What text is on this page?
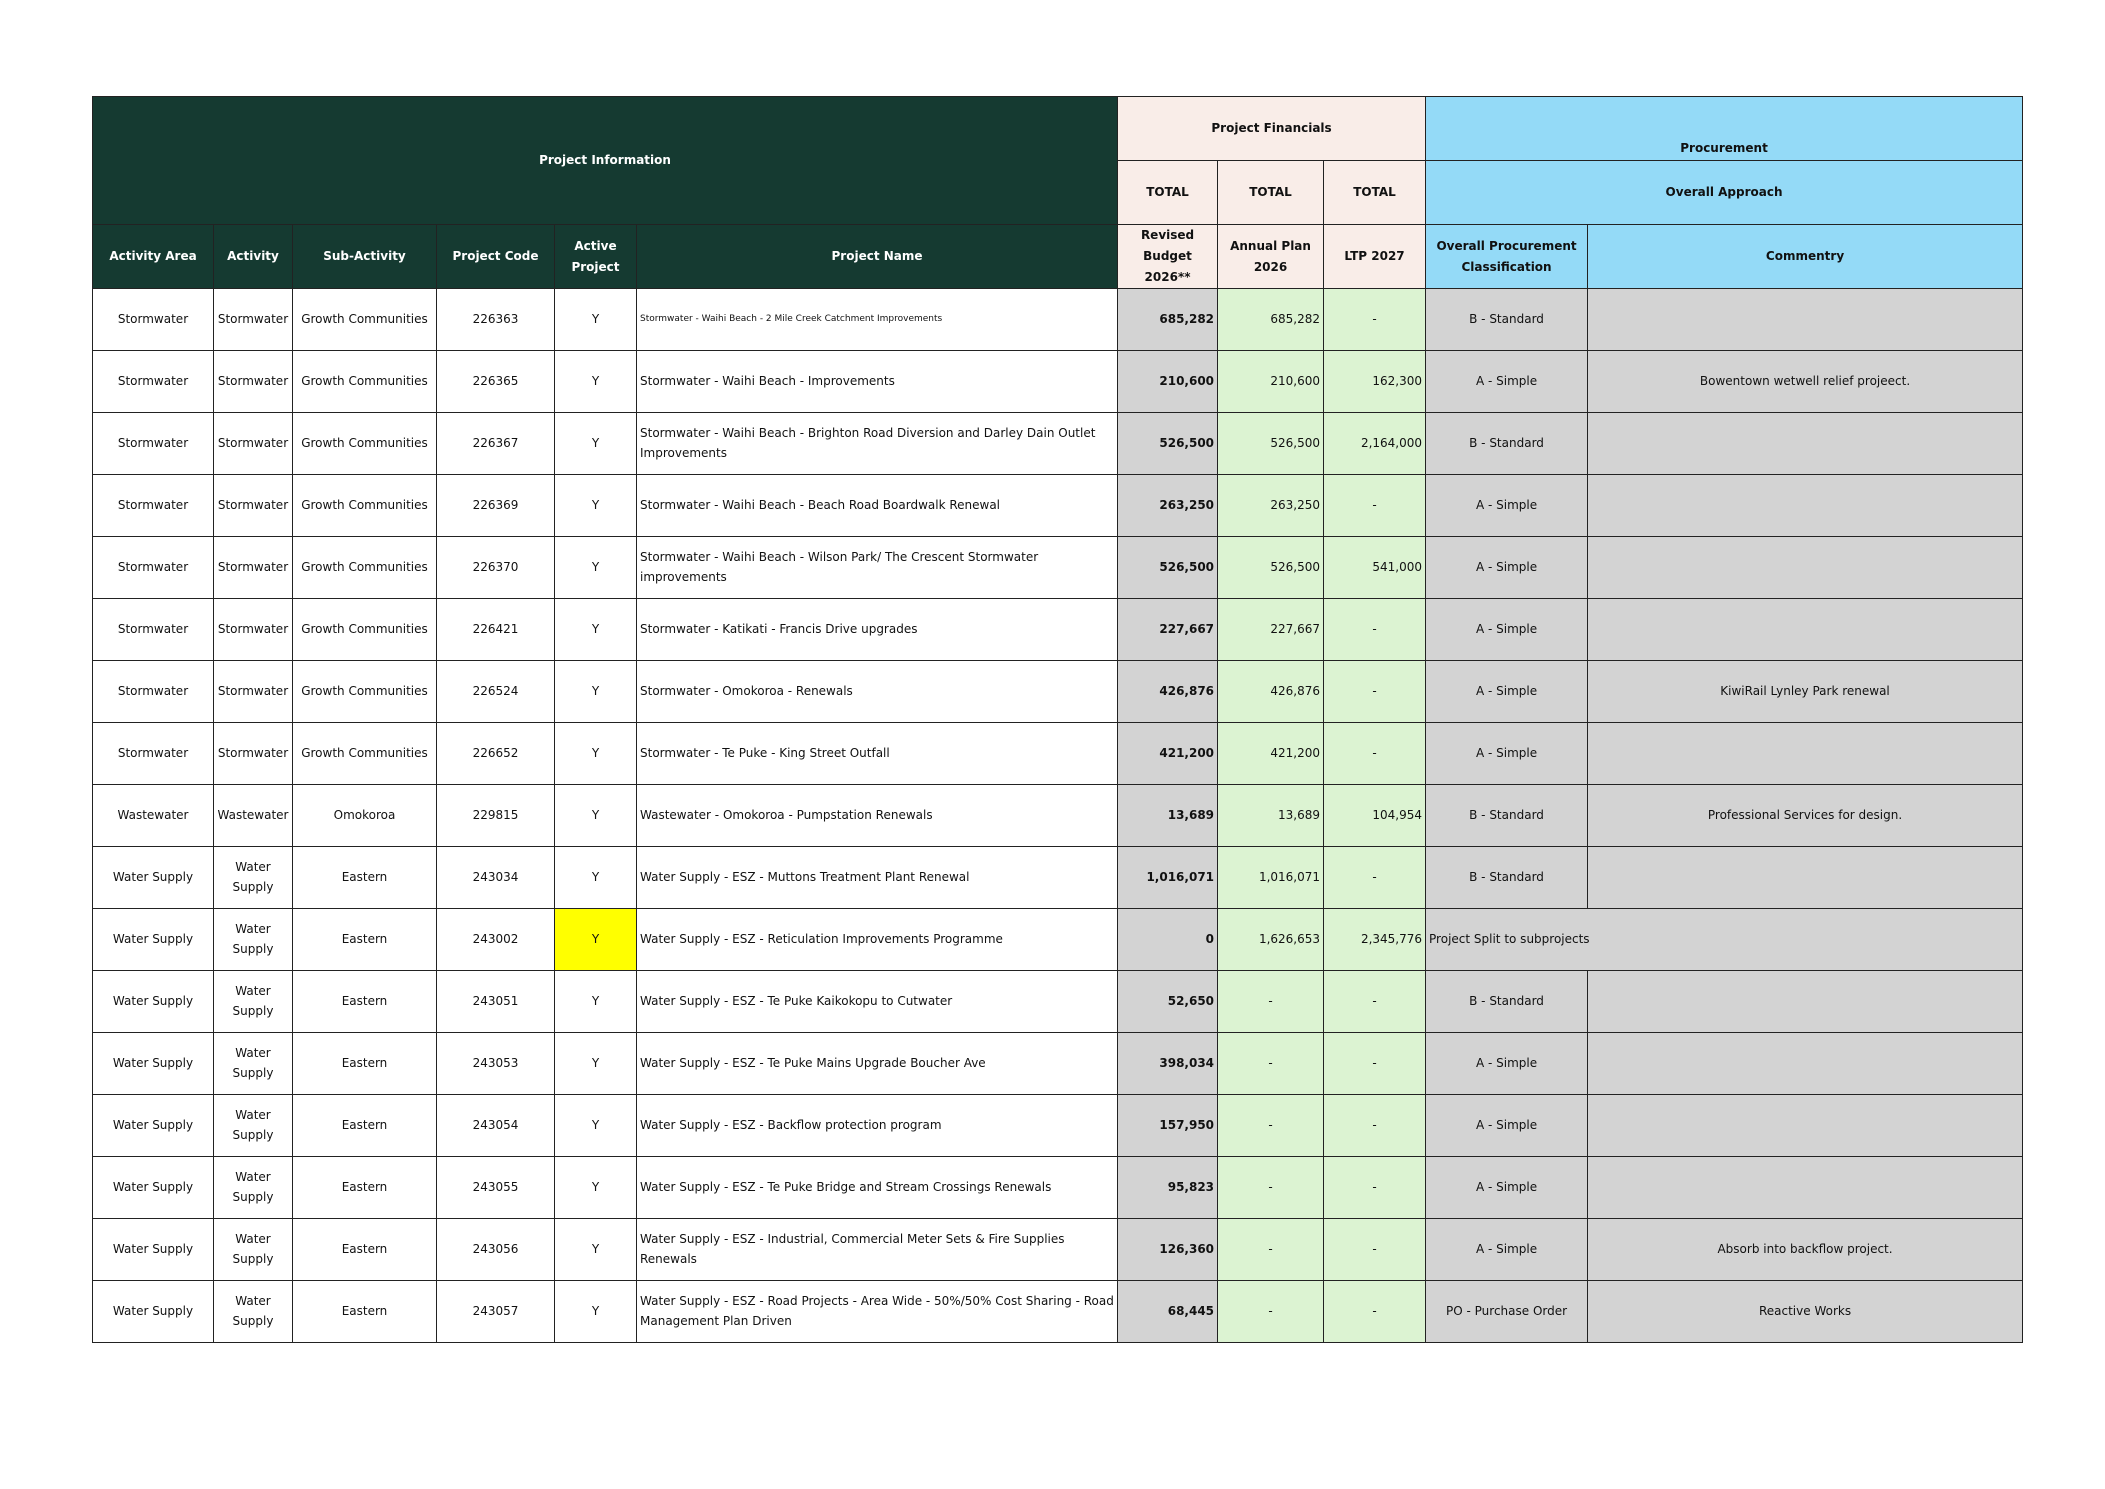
Project Information						Project Financials			Procurement	
						TOTAL	TOTAL	TOTAL	Overall Approach	
Activity Area	Activity	Sub-Activity	Project Code	Active Project	Project Name	Revised Budget 2026**	Annual Plan 2026	LTP 2027	Overall Procurement Classification	Commentry
Stormwater	Stormwater	Growth Communities	226363	Y	Stormwater - Waihi Beach - 2 Mile Creek Catchment Improvements	685,282	685,282	-	B - Standard	
Stormwater	Stormwater	Growth Communities	226365	Y	Stormwater - Waihi Beach - Improvements	210,600	210,600	162,300	A - Simple	Bowentown wetwell relief projeect.
Stormwater	Stormwater	Growth Communities	226367	Y	Stormwater - Waihi Beach - Brighton Road Diversion and Darley Dain Outlet Improvements	526,500	526,500	2,164,000	B - Standard	
Stormwater	Stormwater	Growth Communities	226369	Y	Stormwater - Waihi Beach - Beach Road Boardwalk Renewal	263,250	263,250	-	A - Simple	
Stormwater	Stormwater	Growth Communities	226370	Y	Stormwater - Waihi Beach - Wilson Park/ The Crescent Stormwater improvements	526,500	526,500	541,000	A - Simple	
Stormwater	Stormwater	Growth Communities	226421	Y	Stormwater - Katikati - Francis Drive upgrades	227,667	227,667	-	A - Simple	
Stormwater	Stormwater	Growth Communities	226524	Y	Stormwater - Omokoroa - Renewals	426,876	426,876	-	A - Simple	KiwiRail Lynley Park renewal
Stormwater	Stormwater	Growth Communities	226652	Y	Stormwater - Te Puke - King Street Outfall	421,200	421,200	-	A - Simple	
Wastewater	Wastewater	Omokoroa	229815	Y	Wastewater - Omokoroa - Pumpstation Renewals	13,689	13,689	104,954	B - Standard	Professional Services for design.
Water Supply	Water Supply	Eastern	243034	Y	Water Supply - ESZ - Muttons Treatment Plant Renewal	1,016,071	1,016,071	-	B - Standard	
Water Supply	Water Supply	Eastern	243002	Y	Water Supply - ESZ - Reticulation Improvements Programme	0	1,626,653	2,345,776	Project Split to subprojects	
Water Supply	Water Supply	Eastern	243051	Y	Water Supply - ESZ - Te Puke Kaikokopu to Cutwater	52,650	-	-	B - Standard	
Water Supply	Water Supply	Eastern	243053	Y	Water Supply - ESZ - Te Puke Mains Upgrade Boucher Ave	398,034	-	-	A - Simple	
Water Supply	Water Supply	Eastern	243054	Y	Water Supply - ESZ - Backflow protection program	157,950	-	-	A - Simple	
Water Supply	Water Supply	Eastern	243055	Y	Water Supply - ESZ - Te Puke Bridge and Stream Crossings Renewals	95,823	-	-	A - Simple	
Water Supply	Water Supply	Eastern	243056	Y	Water Supply - ESZ - Industrial, Commercial Meter Sets & Fire Supplies Renewals	126,360	-	-	A - Simple	Absorb into backflow project.
Water Supply	Water Supply	Eastern	243057	Y	Water Supply - ESZ - Road Projects - Area Wide - 50%/50% Cost Sharing - Road Management Plan Driven	68,445	-	-	PO - Purchase Order	Reactive Works
